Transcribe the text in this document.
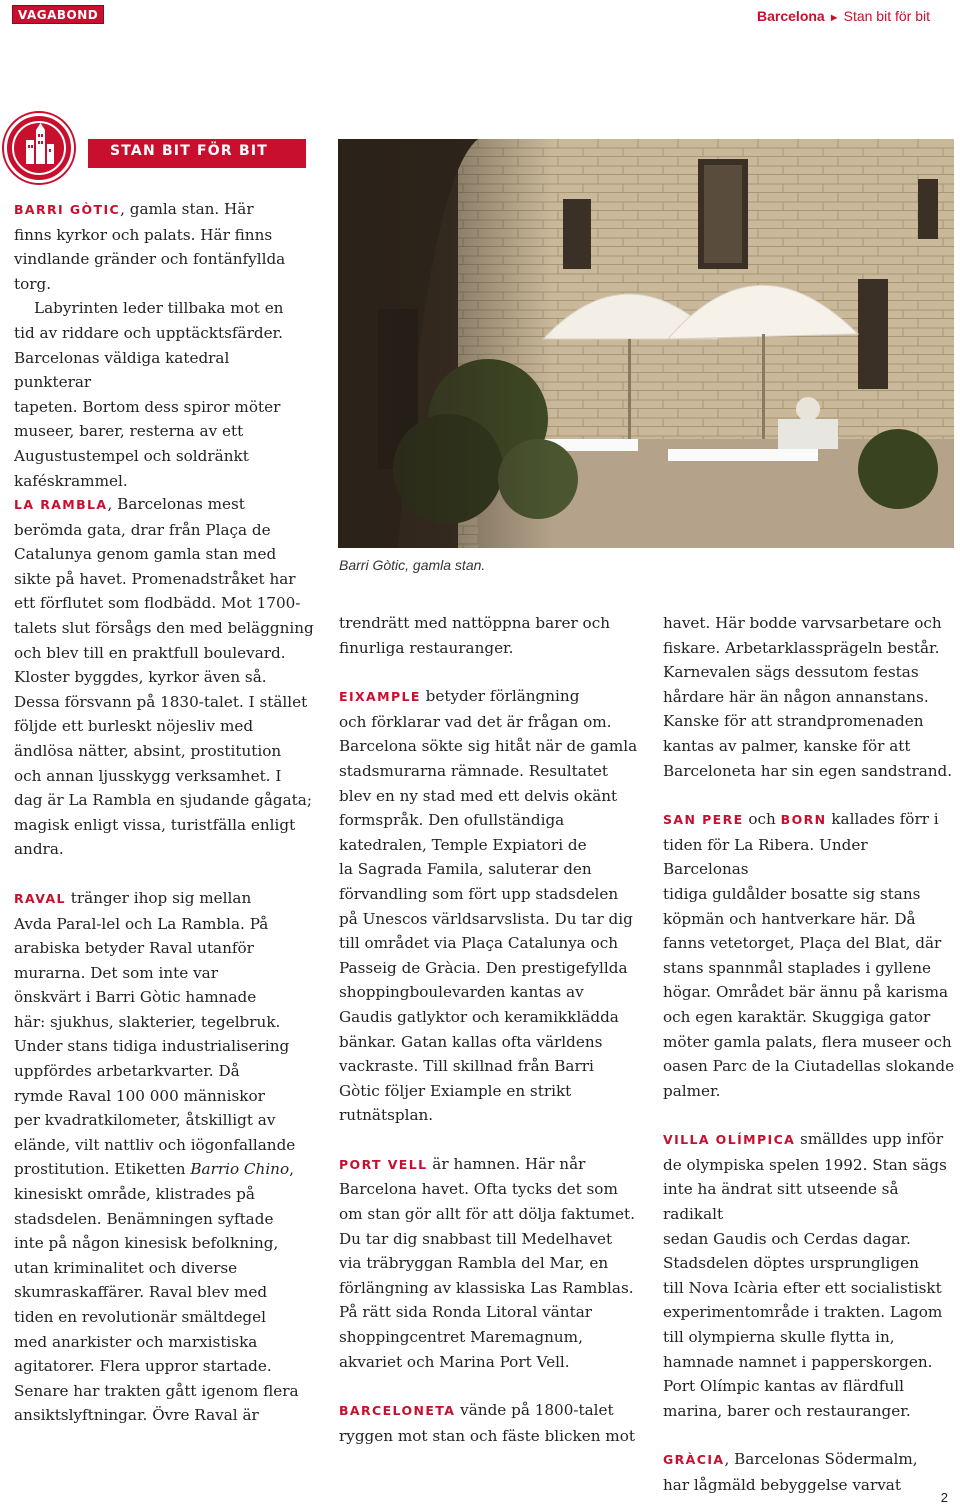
VAGABOND	Barcelona ► Stan bit för bit
STAN BIT FÖR BIT
Barri Gòtic, gamla stan.

BARRI GÒTIC, gamla stan. Här

finns kyrkor och palats. Här finns

vindlande gränder och fontänfyllda

torg.

Labyrinten leder tillbaka mot en

tid av riddare och upptäcktsfärder.

Barcelonas väldiga katedral punkterar

tapeten. Bortom dess spiror möter

museer, barer, resterna av ett

Augustustempel och soldränkt

kaféskrammel.

LA RAMBLA, Barcelonas mest

berömda gata, drar från Plaça de

Catalunya genom gamla stan med

sikte på havet. Promenadstråket har

ett förflutet som flodbädd. Mot 1700-

talets slut försågs den med beläggning

och blev till en praktfull boulevard.

Kloster byggdes, kyrkor även så.

Dessa försvann på 1830-talet. I stället

följde ett burleskt nöjesliv med

ändlösa nätter, absint, prostitution

och annan ljusskygg verksamhet. I

dag är La Rambla en sjudande gågata;

magisk enligt vissa, turistfälla enligt

andra.

RAVAL tränger ihop sig mellan

Avda Paral-lel och La Rambla. På

arabiska betyder Raval utanför

murarna. Det som inte var

önskvärt i Barri Gòtic hamnade

här: sjukhus, slakterier, tegelbruk.

Under stans tidiga industrialisering

uppfördes arbetarkvarter. Då

rymde Raval 100 000 människor

per kvadratkilometer, åtskilligt av

elände, vilt nattliv och iögonfallande

prostitution. Etiketten Barrio Chino,

kinesiskt område, klistrades på

stadsdelen. Benämningen syftade

inte på någon kinesisk befolkning,

utan kriminalitet och diverse

skumraskaffärer. Raval blev med

tiden en revolutionär smältdegel

med anarkister och marxistiska

agitatorer. Flera uppror startade.

Senare har trakten gått igenom flera

ansiktslyftningar. Övre Raval är

trendrätt med nattöppna barer och

finurliga restauranger.

EIXAMPLE betyder förlängning

och förklarar vad det är frågan om.

Barcelona sökte sig hitåt när de gamla

stadsmurarna rämnade. Resultatet

blev en ny stad med ett delvis okänt

formspråk. Den ofullständiga

katedralen, Temple Expiatori de

la Sagrada Famila, saluterar den

förvandling som fört upp stadsdelen

på Unescos världsarvslista. Du tar dig

till området via Plaça Catalunya och

Passeig de Gràcia. Den prestigefyllda

shoppingboulevarden kantas av

Gaudis gatlyktor och keramikklädda

bänkar. Gatan kallas ofta världens

vackraste. Till skillnad från Barri

Gòtic följer Exiample en strikt

rutnätsplan.

PORT VELL är hamnen. Här når

Barcelona havet. Ofta tycks det som

om stan gör allt för att dölja faktumet.

Du tar dig snabbast till Medelhavet

via träbryggan Rambla del Mar, en

förlängning av klassiska Las Ramblas.

På rätt sida Ronda Litoral väntar

shoppingcentret Maremagnum,

akvariet och Marina Port Vell.

BARCELONETA vände på 1800-talet

ryggen mot stan och fäste blicken mot

havet. Här bodde varvsarbetare och

fiskare. Arbetarklassprägeln består.

Karnevalen sägs dessutom festas

hårdare här än någon annanstans.

Kanske för att strandpromenaden

kantas av palmer, kanske för att

Barceloneta har sin egen sandstrand.

SAN PERE och BORN kallades förr i

tiden för La Ribera. Under Barcelonas

tidiga guldålder bosatte sig stans

köpmän och hantverkare här. Då

fanns vetetorget, Plaça del Blat, där

stans spannmål staplades i gyllene

högar. Området bär ännu på karisma

och egen karaktär. Skuggiga gator

möter gamla palats, flera museer och

oasen Parc de la Ciutadellas slokande

palmer.

VILLA OLÍMPICA smälldes upp inför

de olympiska spelen 1992. Stan sägs

inte ha ändrat sitt utseende så radikalt

sedan Gaudis och Cerdas dagar.

Stadsdelen döptes ursprungligen

till Nova Icària efter ett socialistiskt

experimentområde i trakten. Lagom

till olympierna skulle flytta in,

hamnade namnet i papperskorgen.

Port Olímpic kantas av flärdfull

marina, barer och restauranger.

GRÀCIA, Barcelonas Södermalm,

har lågmäld bebyggelse varvat

2
